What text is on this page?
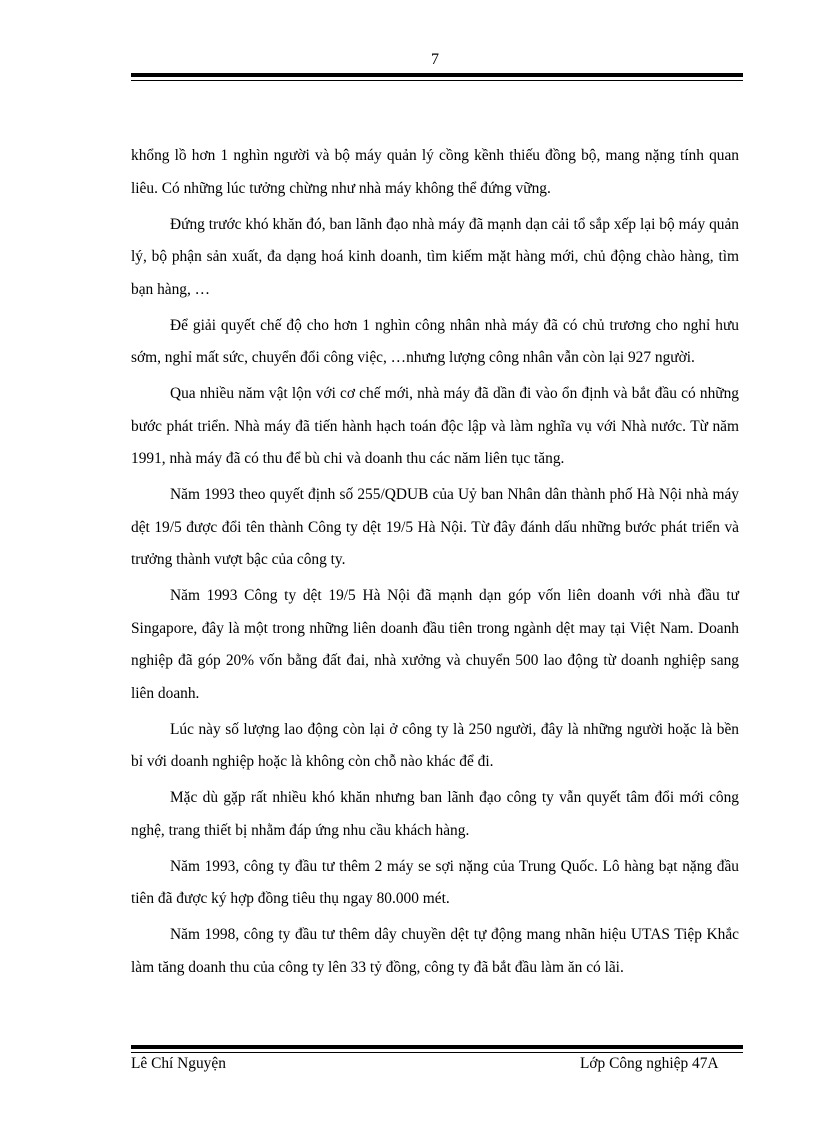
7

khổng lồ hơn 1 nghìn người và bộ máy quản lý cồng kềnh thiếu đồng bộ, mang nặng tính quan liêu. Có những lúc tưởng chừng như nhà máy không thể đứng vững.

Đứng trước khó khăn đó, ban lãnh đạo nhà máy đã mạnh dạn cải tổ sắp xếp lại bộ máy quản lý, bộ phận sản xuất, đa dạng hoá kinh doanh, tìm kiếm mặt hàng mới, chủ động chào hàng, tìm bạn hàng, …

Để giải quyết chế độ cho hơn 1 nghìn công nhân nhà máy đã có chủ trương cho nghỉ hưu sớm, nghỉ mất sức, chuyển đổi công việc, …nhưng lượng công nhân vẫn còn lại 927 người.

Qua nhiều năm vật lộn với cơ chế mới, nhà máy đã dần đi vào ổn định và bắt đầu có những bước phát triển. Nhà máy đã tiến hành hạch toán độc lập và làm nghĩa vụ với Nhà nước. Từ năm 1991, nhà máy đã có thu để bù chi và doanh thu các năm liên tục tăng.

Năm 1993 theo quyết định số 255/QDUB của Uỷ ban Nhân dân thành phố Hà Nội nhà máy dệt 19/5 được đổi tên thành Công ty dệt 19/5 Hà Nội. Từ đây đánh dấu những bước phát triển và trưởng thành vượt bậc của công ty.

Năm 1993 Công ty dệt 19/5 Hà Nội đã mạnh dạn góp vốn liên doanh với nhà đầu tư Singapore, đây là một trong những liên doanh đầu tiên trong ngành dệt may tại Việt Nam. Doanh nghiệp đã góp 20% vốn bằng đất đai, nhà xưởng và chuyển 500 lao động từ doanh nghiệp sang liên doanh.

Lúc này số lượng lao động còn lại ở công ty là 250 người, đây là những người hoặc là bền bỉ với doanh nghiệp hoặc là không còn chỗ nào khác để đi.

Mặc dù gặp rất nhiều khó khăn nhưng ban lãnh đạo công ty vẫn quyết tâm đổi mới công nghệ, trang thiết bị nhằm đáp ứng nhu cầu khách hàng.

Năm 1993, công ty đầu tư thêm 2 máy se sợi nặng của Trung Quốc. Lô hàng bạt nặng đầu tiên đã được ký hợp đồng tiêu thụ ngay 80.000 mét.

Năm 1998, công ty đầu tư thêm dây chuyền dệt tự động mang nhãn hiệu UTAS Tiệp Khắc làm tăng doanh thu của công ty lên 33 tỷ đồng, công ty đã bắt đầu làm ăn có lãi.

Lê Chí Nguyện	Lớp Công nghiệp 47A
